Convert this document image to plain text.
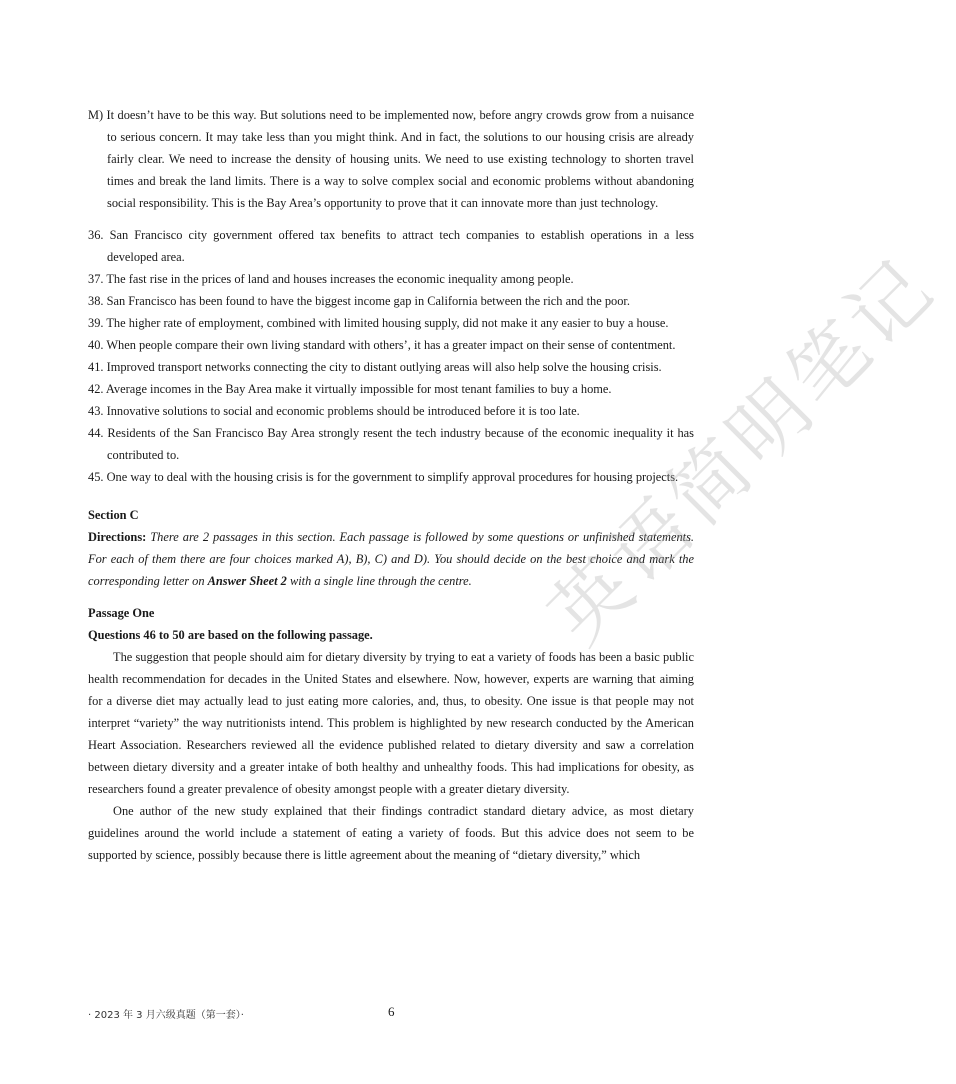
M) It doesn’t have to be this way. But solutions need to be implemented now, before angry crowds grow from a nuisance to serious concern. It may take less than you might think. And in fact, the solutions to our housing crisis are already fairly clear. We need to increase the density of housing units. We need to use existing technology to shorten travel times and break the land limits. There is a way to solve complex social and economic problems without abandoning social responsibility. This is the Bay Area’s opportunity to prove that it can innovate more than just technology.

36. San Francisco city government offered tax benefits to attract tech companies to establish operations in a less developed area.

37. The fast rise in the prices of land and houses increases the economic inequality among people.

38. San Francisco has been found to have the biggest income gap in California between the rich and the poor.

39. The higher rate of employment, combined with limited housing supply, did not make it any easier to buy a house.

40. When people compare their own living standard with others’, it has a greater impact on their sense of contentment.

41. Improved transport networks connecting the city to distant outlying areas will also help solve the housing crisis.

42. Average incomes in the Bay Area make it virtually impossible for most tenant families to buy a home.

43. Innovative solutions to social and economic problems should be introduced before it is too late.

44. Residents of the San Francisco Bay Area strongly resent the tech industry because of the economic inequality it has contributed to.

45. One way to deal with the housing crisis is for the government to simplify approval procedures for housing projects.

Section C

Directions: There are 2 passages in this section. Each passage is followed by some questions or unfinished statements. For each of them there are four choices marked A), B), C) and D). You should decide on the best choice and mark the corresponding letter on Answer Sheet 2 with a single line through the centre.

Passage One

Questions 46 to 50 are based on the following passage.

The suggestion that people should aim for dietary diversity by trying to eat a variety of foods has been a basic public health recommendation for decades in the United States and elsewhere. Now, however, experts are warning that aiming for a diverse diet may actually lead to just eating more calories, and, thus, to obesity. One issue is that people may not interpret “variety” the way nutritionists intend. This problem is highlighted by new research conducted by the American Heart Association. Researchers reviewed all the evidence published related to dietary diversity and saw a correlation between dietary diversity and a greater intake of both healthy and unhealthy foods. This had implications for obesity, as researchers found a greater prevalence of obesity amongst people with a greater dietary diversity.

One author of the new study explained that their findings contradict standard dietary advice, as most dietary guidelines around the world include a statement of eating a variety of foods. But this advice does not seem to be supported by science, possibly because there is little agreement about the meaning of “dietary diversity,” which

英语简明笔记
· 2023 年 3 月六级真题（第一套）·	6
